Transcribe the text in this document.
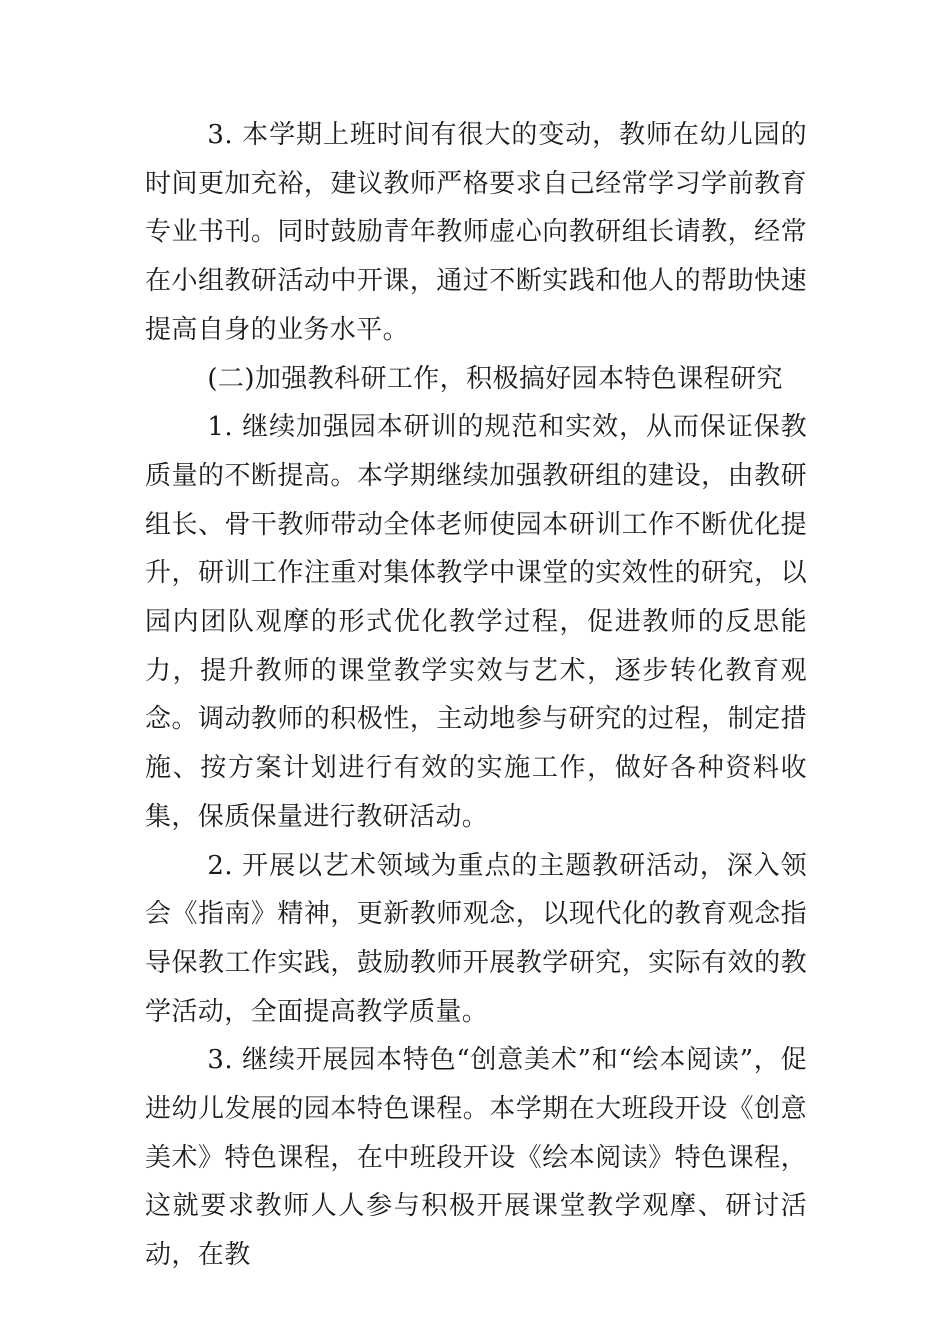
3. 本学期上班时间有很大的变动，教师在幼儿园的时间更加充裕，建议教师严格要求自己经常学习学前教育专业书刊。同时鼓励青年教师虚心向教研组长请教，经常在小组教研活动中开课，通过不断实践和他人的帮助快速提高自身的业务水平。

(二)加强教科研工作，积极搞好园本特色课程研究

1. 继续加强园本研训的规范和实效，从而保证保教质量的不断提高。本学期继续加强教研组的建设，由教研组长、骨干教师带动全体老师使园本研训工作不断优化提升，研训工作注重对集体教学中课堂的实效性的研究，以园内团队观摩的形式优化教学过程，促进教师的反思能力，提升教师的课堂教学实效与艺术，逐步转化教育观念。调动教师的积极性，主动地参与研究的过程，制定措施、按方案计划进行有效的实施工作，做好各种资料收集，保质保量进行教研活动。

2. 开展以艺术领域为重点的主题教研活动，深入领会《指南》精神，更新教师观念，以现代化的教育观念指导保教工作实践，鼓励教师开展教学研究，实际有效的教学活动，全面提高教学质量。

3. 继续开展园本特色“创意美术”和“绘本阅读”，促进幼儿发展的园本特色课程。本学期在大班段开设《创意美术》特色课程，在中班段开设《绘本阅读》特色课程，这就要求教师人人参与积极开展课堂教学观摩、研讨活动，在教
